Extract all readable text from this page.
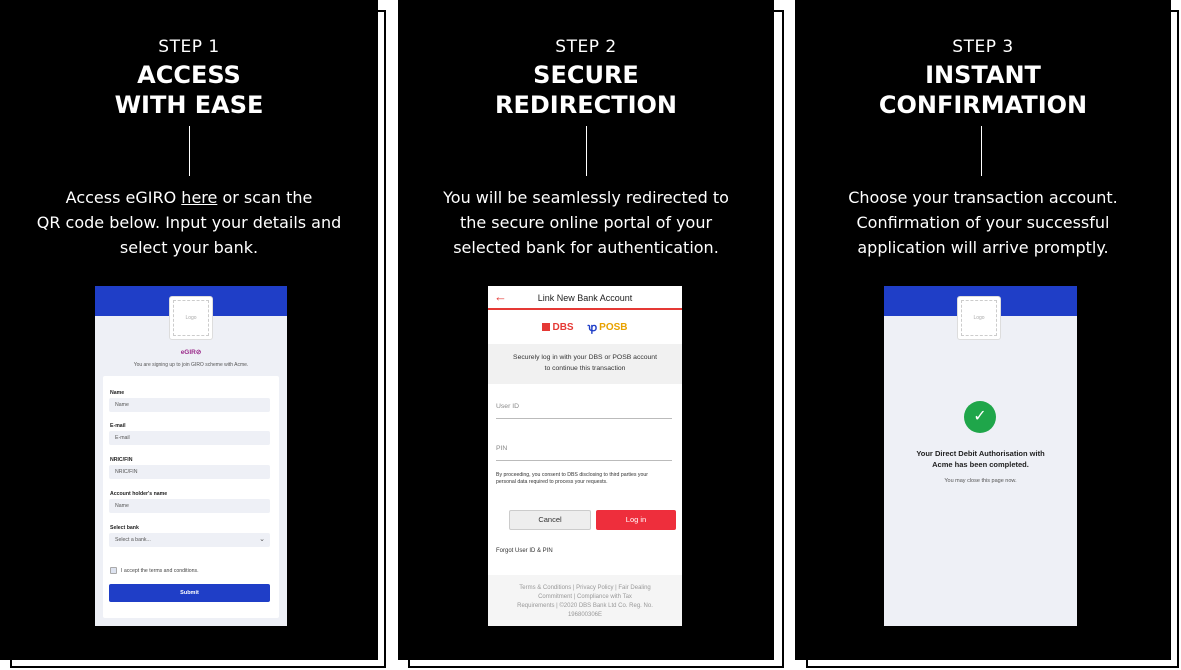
STEP 1
ACCESS
WITH EASE
Access eGIRO here or scan the
QR code below. Input your details and
select your bank.
Logo
eGIR⊘
You are signing up to join GIRO scheme with Acme.
Name
Name
E-mail
E-mail
NRIC/FIN
NRIC/FIN
Account holder's name
Name
Select bank
Select a bank...	⌄
I accept the terms and conditions.
Submit
STEP 2
SECURE
REDIRECTION
You will be seamlessly redirected to
the secure online portal of your
selected bank for authentication.
←	Link New Bank Account
DBS ꝕ POSB
Securely log in with your DBS or POSB account
to continue this transaction
User ID
PIN
By proceeding, you consent to DBS disclosing to third parties your
personal data required to process your requests.
Cancel	Log in
Forgot User ID & PIN
Terms & Conditions | Privacy Policy | Fair Dealing
Commitment | Compliance with Tax
Requirements | ©2020 DBS Bank Ltd Co. Reg. No.
196800306E
STEP 3
INSTANT
CONFIRMATION
Choose your transaction account.
Confirmation of your successful
application will arrive promptly.
Logo
✓
Your Direct Debit Authorisation with
Acme has been completed.
You may close this page now.
